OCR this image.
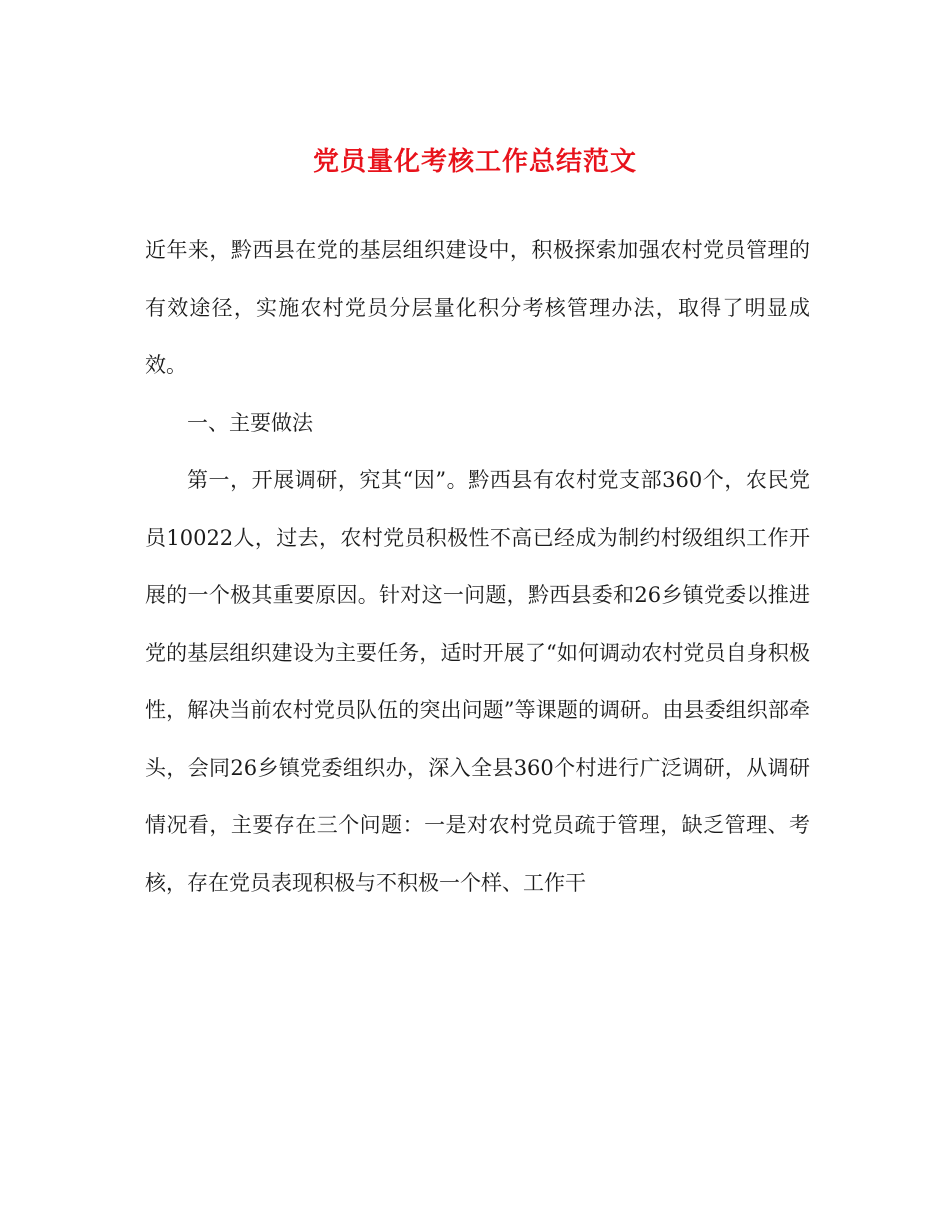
党员量化考核工作总结范文

近年来，黔西县在党的基层组织建设中，积极探索加强农村党员管理的有效途径，实施农村党员分层量化积分考核管理办法，取得了明显成效。

一、主要做法

第一，开展调研，究其“因”。黔西县有农村党支部360个，农民党员10022人，过去，农村党员积极性不高已经成为制约村级组织工作开展的一个极其重要原因。针对这一问题，黔西县委和26乡镇党委以推进党的基层组织建设为主要任务，适时开展了“如何调动农村党员自身积极性，解决当前农村党员队伍的突出问题”等课题的调研。由县委组织部牵头，会同26乡镇党委组织办，深入全县360个村进行广泛调研，从调研情况看，主要存在三个问题：一是对农村党员疏于管理，缺乏管理、考核，存在党员表现积极与不积极一个样、工作干
